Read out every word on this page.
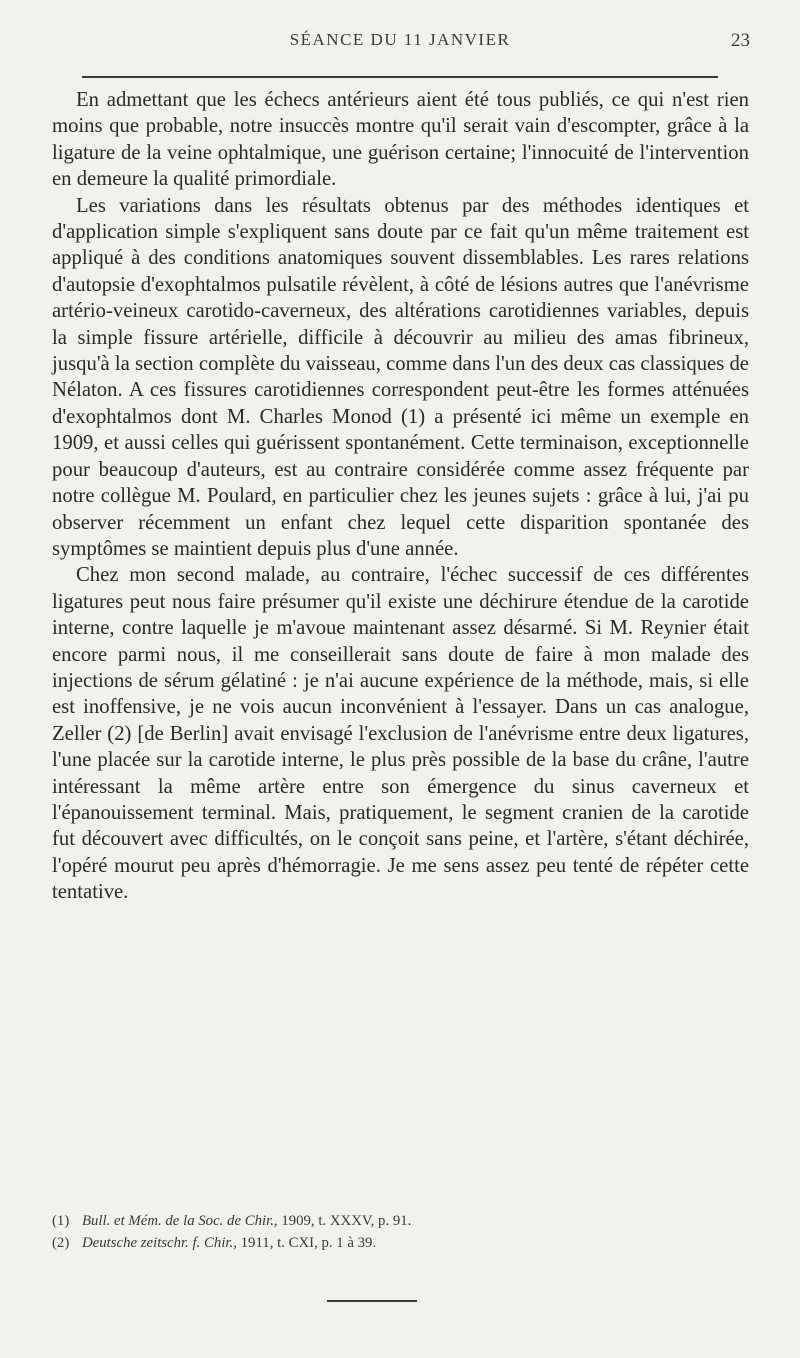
SÉANCE DU 11 JANVIER	23

En admettant que les échecs antérieurs aient été tous publiés, ce qui n'est rien moins que probable, notre insuccès montre qu'il serait vain d'escompter, grâce à la ligature de la veine ophtalmique, une guérison certaine; l'innocuité de l'intervention en demeure la qualité primordiale.

Les variations dans les résultats obtenus par des méthodes identiques et d'application simple s'expliquent sans doute par ce fait qu'un même traitement est appliqué à des conditions anatomiques souvent dissemblables. Les rares relations d'autopsie d'exophtalmos pulsatile révèlent, à côté de lésions autres que l'anévrisme artério-veineux carotido-caverneux, des altérations carotidiennes variables, depuis la simple fissure artérielle, difficile à découvrir au milieu des amas fibrineux, jusqu'à la section complète du vaisseau, comme dans l'un des deux cas classiques de Nélaton. A ces fissures carotidiennes correspondent peut-être les formes atténuées d'exophtalmos dont M. Charles Monod (1) a présenté ici même un exemple en 1909, et aussi celles qui guérissent spontanément. Cette terminaison, exceptionnelle pour beaucoup d'auteurs, est au contraire considérée comme assez fréquente par notre collègue M. Poulard, en particulier chez les jeunes sujets : grâce à lui, j'ai pu observer récemment un enfant chez lequel cette disparition spontanée des symptômes se maintient depuis plus d'une année.

Chez mon second malade, au contraire, l'échec successif de ces différentes ligatures peut nous faire présumer qu'il existe une déchirure étendue de la carotide interne, contre laquelle je m'avoue maintenant assez désarmé. Si M. Reynier était encore parmi nous, il me conseillerait sans doute de faire à mon malade des injections de sérum gélatiné : je n'ai aucune expérience de la méthode, mais, si elle est inoffensive, je ne vois aucun inconvénient à l'essayer. Dans un cas analogue, Zeller (2) [de Berlin] avait envisagé l'exclusion de l'anévrisme entre deux ligatures, l'une placée sur la carotide interne, le plus près possible de la base du crâne, l'autre intéressant la même artère entre son émergence du sinus caverneux et l'épanouissement terminal. Mais, pratiquement, le segment cranien de la carotide fut découvert avec difficultés, on le conçoit sans peine, et l'artère, s'étant déchirée, l'opéré mourut peu après d'hémorragie. Je me sens assez peu tenté de répéter cette tentative.

(1) Bull. et Mém. de la Soc. de Chir., 1909, t. XXXV, p. 91.
(2) Deutsche zeitschr. f. Chir., 1911, t. CXI, p. 1 à 39.
